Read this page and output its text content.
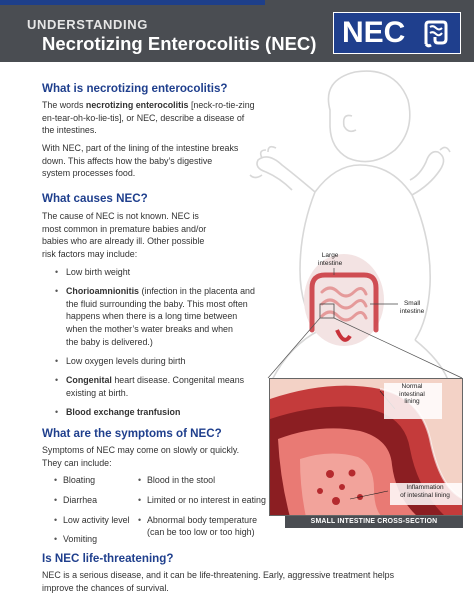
UNDERSTANDING
Necrotizing Enterocolitis (NEC) NEC
Large
intestine
Small
intestine
Normal
intestinal
lining
Inflammation
of intestinal lining
SMALL INTESTINE CROSS-SECTION
What is necrotizing enterocolitis?

The words necrotizing enterocolitis [neck-ro-tie-zing
en-tear-oh-ko-lie-tis], or NEC, describe a disease of
the intestines.

With NEC, part of the lining of the intestine breaks
down. This affects how the baby’s digestive
system processes food.

What causes NEC?

The cause of NEC is not known. NEC is
most common in premature babies and/or
babies who are already ill. Other possible
risk factors may include:

• Low birth weight
• Chorioamnionitis (infection in the placenta and
the fluid surrounding the baby. This most often
happens when there is a long time between
when the mother’s water breaks and when
the baby is delivered.)
• Low oxygen levels during birth
• Congenital heart disease. Congenital means
existing at birth.
• Blood exchange tranfusion
What are the symptoms of NEC?

Symptoms of NEC may come on slowly or quickly.
They can include:

• Bloating
• Diarrhea
• Low activity level
• Vomiting
• Blood in the stool
• Limited or no interest in eating
• Abnormal body temperature
(can be too low or too high)
Is NEC life-threatening?

NEC is a serious disease, and it can be life-threatening. Early, aggressive treatment helps
improve the chances of survival.
